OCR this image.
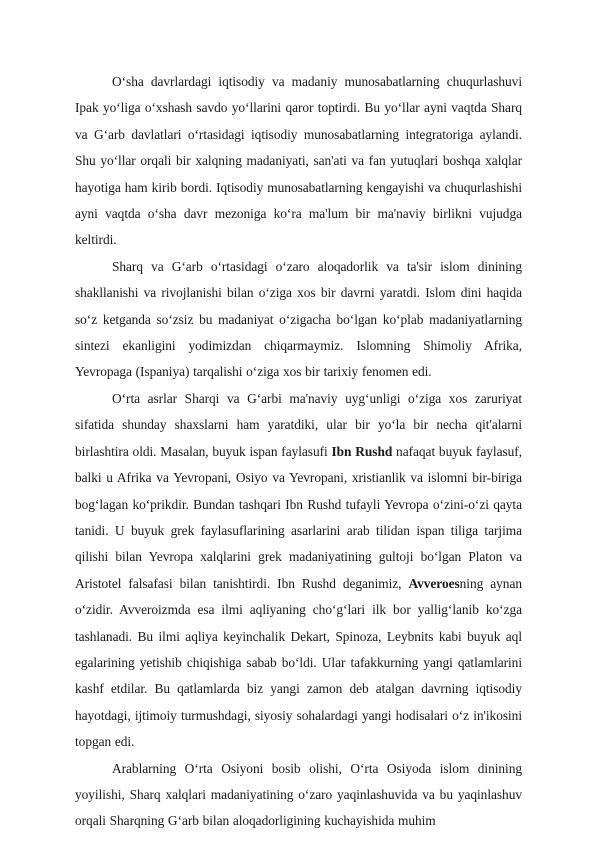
O‘sha davrlardagi iqtisodiy va madaniy munosabatlarning chuqurlashuvi Ipak yo‘liga o‘xshash savdo yo‘llarini qaror toptirdi. Bu yo‘llar ayni vaqtda Sharq va G‘arb davlatlari o‘rtasidagi iqtisodiy munosabatlarning integratoriga aylandi. Shu yo‘llar orqali bir xalqning madaniyati, san'ati va fan yutuqlari boshqa xalqlar hayotiga ham kirib bordi. Iqtisodiy munosabatlarning kengayishi va chuqurlashishi ayni vaqtda o‘sha davr mezoniga ko‘ra ma'lum bir ma'naviy birlikni vujudga keltirdi.

Sharq va G‘arb o‘rtasidagi o‘zaro aloqadorlik va ta'sir islom dinining shakllanishi va rivojlanishi bilan o‘ziga xos bir davrni yaratdi. Islom dini haqida so‘z ketganda so‘zsiz bu madaniyat o‘zigacha bo‘lgan ko‘plab madaniyatlarning sintezi ekanligini yodimizdan chiqarmaymiz. Islomning Shimoliy Afrika, Yevropaga (Ispaniya) tarqalishi o‘ziga xos bir tarixiy fenomen edi.

O‘rta asrlar Sharqi va G‘arbi ma'naviy uyg‘unligi o‘ziga xos zaruriyat sifatida shunday shaxslarni ham yaratdiki, ular bir yo‘la bir necha qit'alarni birlashtira oldi. Masalan, buyuk ispan faylasufi Ibn Rushd nafaqat buyuk faylasuf, balki u Afrika va Yevropani, Osiyo va Yevropani, xristianlik va islomni bir-biriga bog‘lagan ko‘prikdir. Bundan tashqari Ibn Rushd tufayli Yevropa o‘zini-o‘zi qayta tanidi. U buyuk grek faylasuflarining asarlarini arab tilidan ispan tiliga tarjima qilishi bilan Yevropa xalqlarini grek madaniyatining gultoji bo‘lgan Platon va Aristotel falsafasi bilan tanishtirdi. Ibn Rushd deganimiz, Avveroesning aynan o‘zidir. Avveroizmda esa ilmi aqliyaning cho‘g‘lari ilk bor yallig‘lanib ko‘zga tashlanadi. Bu ilmi aqliya keyinchalik Dekart, Spinoza, Leybnits kabi buyuk aql egalarining yetishib chiqishiga sabab bo‘ldi. Ular tafakkurning yangi qatlamlarini kashf etdilar. Bu qatlamlarda biz yangi zamon deb atalgan davrning iqtisodiy hayotdagi, ijtimoiy turmushdagi, siyosiy sohalardagi yangi hodisalari o‘z in'ikosini topgan edi.

Arablarning O‘rta Osiyoni bosib olishi, O‘rta Osiyoda islom dinining yoyilishi, Sharq xalqlari madaniyatining o‘zaro yaqinlashuvida va bu yaqinlashuv orqali Sharqning G‘arb bilan aloqadorligining kuchayishida muhim
